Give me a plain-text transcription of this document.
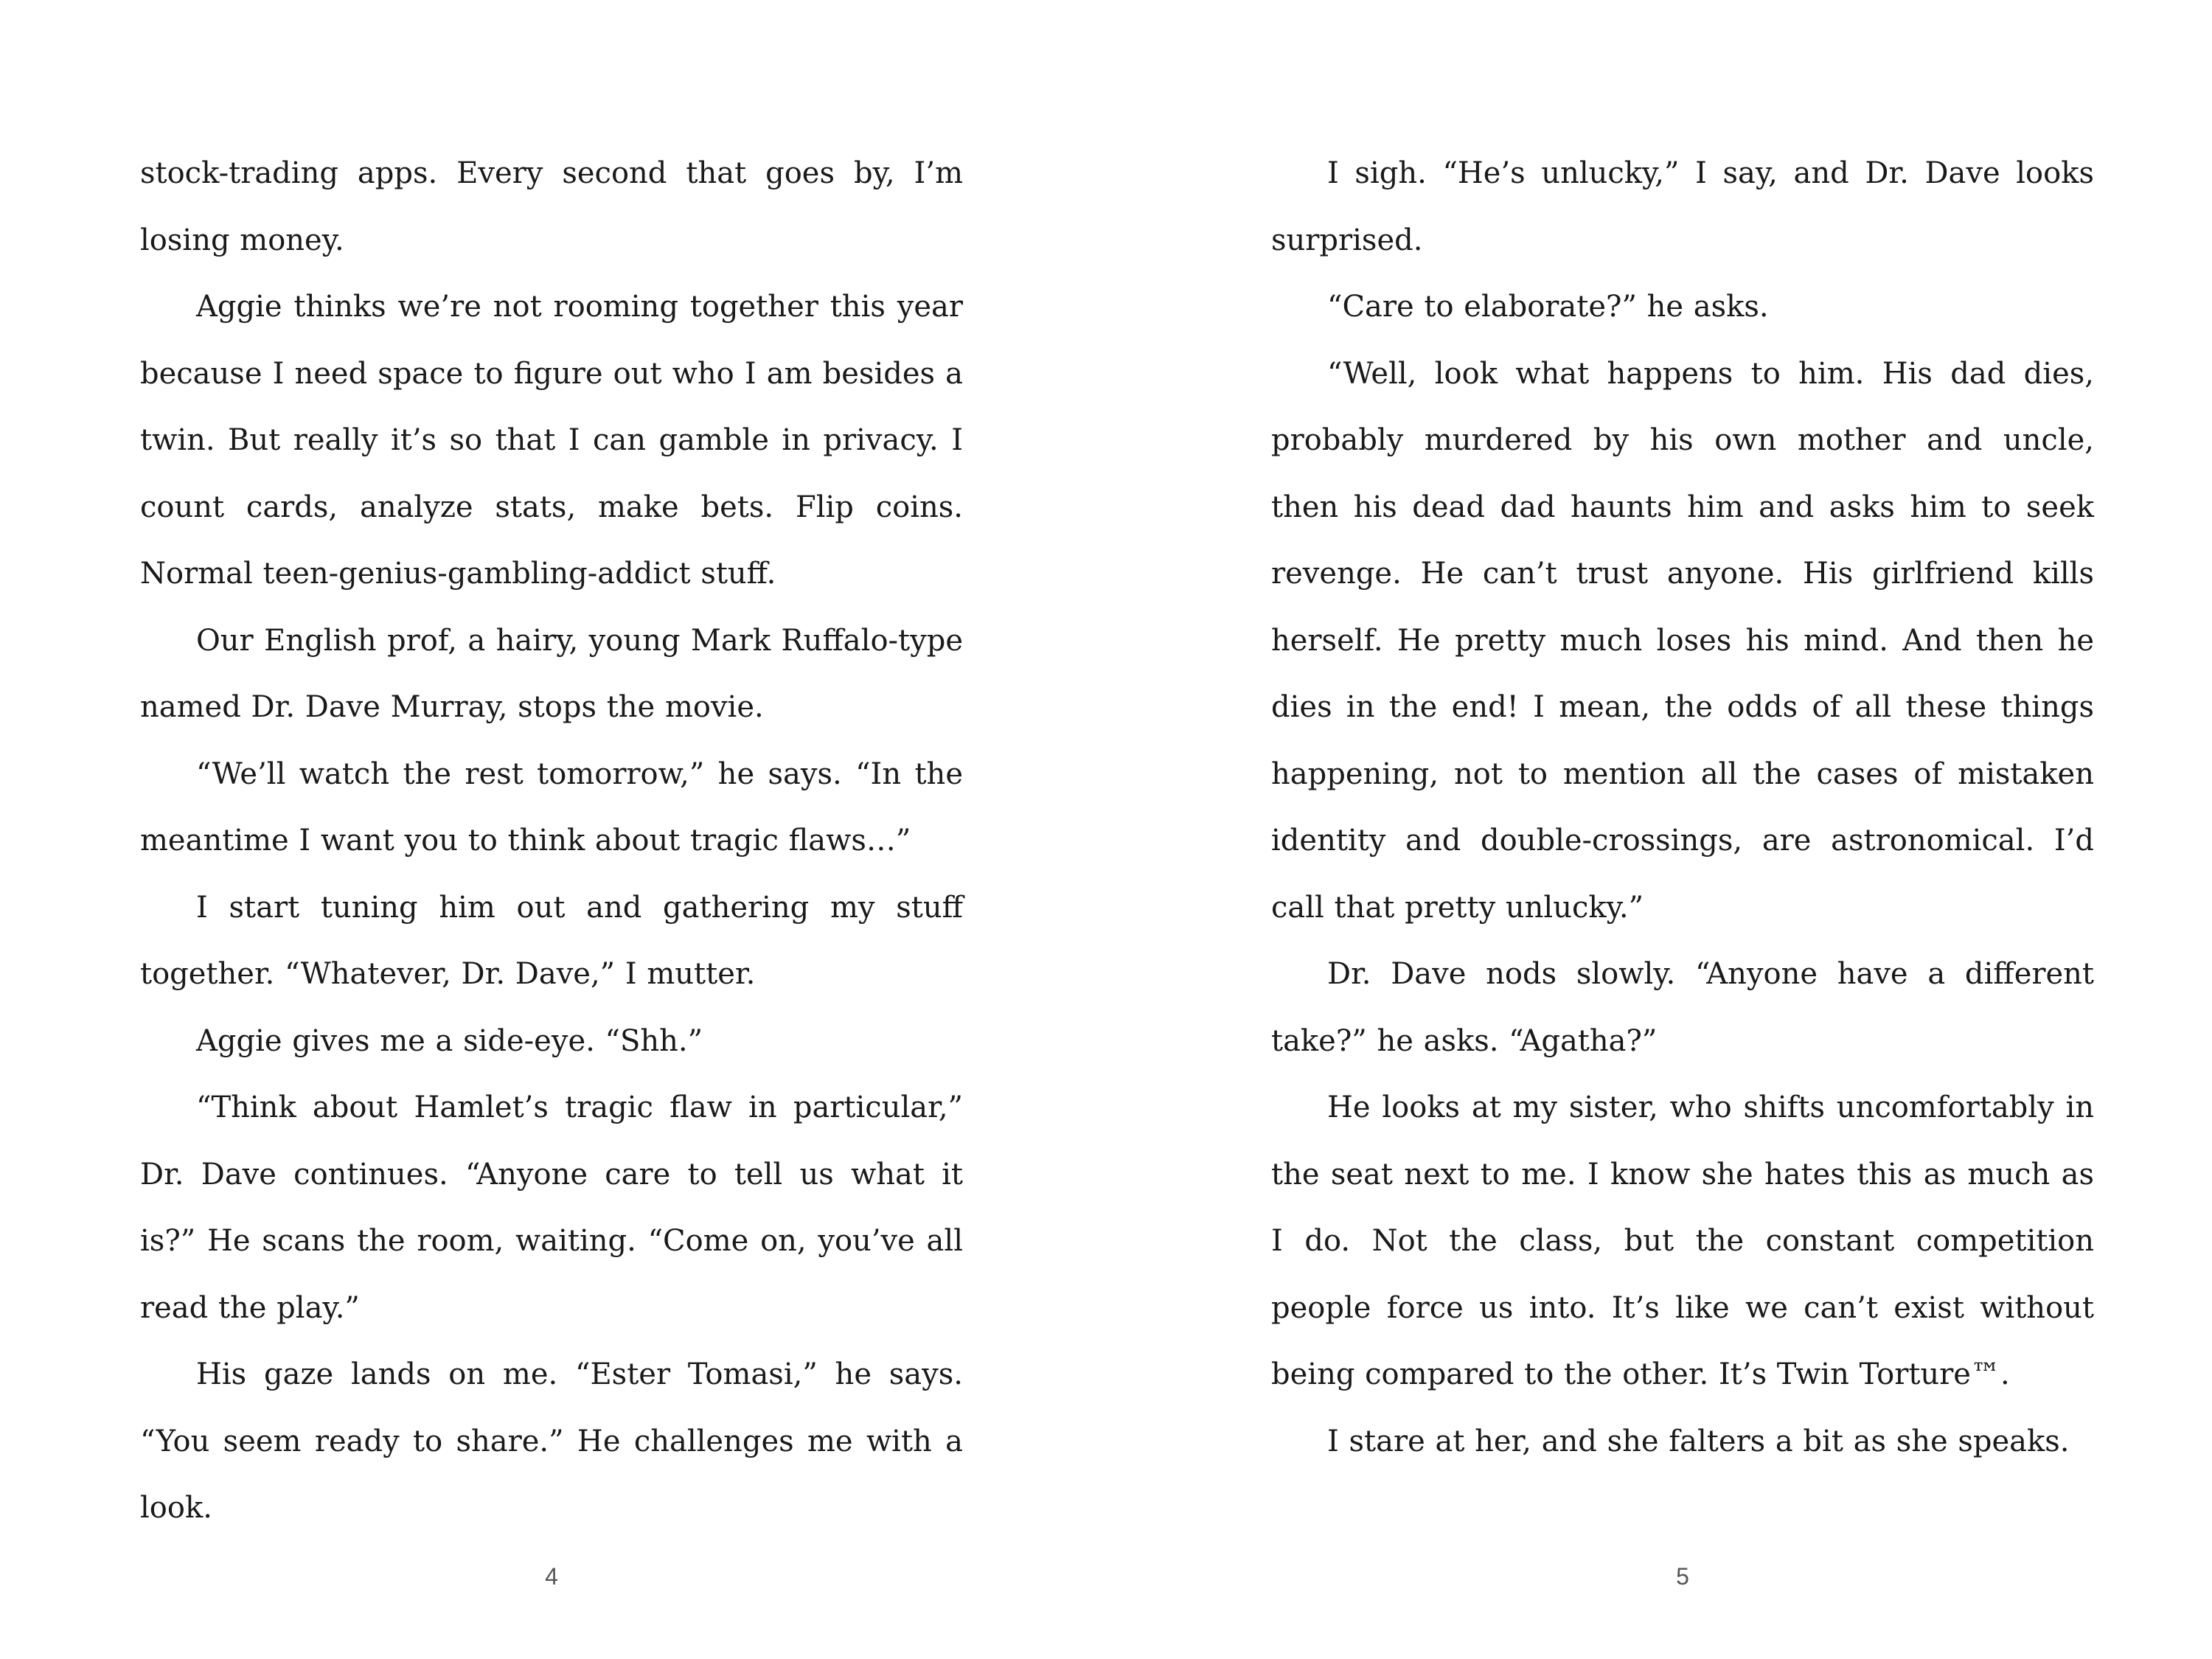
stock-trading apps. Every second that goes by, I’m losing money.

Aggie thinks we’re not rooming together this year because I need space to figure out who I am besides a twin. But really it’s so that I can gamble in privacy. I count cards, analyze stats, make bets. Flip coins. Normal teen-genius-gambling-addict stuff.

Our English prof, a hairy, young Mark Ruffalo-type named Dr. Dave Murray, stops the movie.

“We’ll watch the rest tomorrow,” he says. “In the meantime I want you to think about tragic flaws…”

I start tuning him out and gathering my stuff together. “Whatever, Dr. Dave,” I mutter.

Aggie gives me a side-eye. “Shh.”

“Think about Hamlet’s tragic flaw in particular,” Dr. Dave continues. “Anyone care to tell us what it is?” He scans the room, waiting. “Come on, you’ve all read the play.”

His gaze lands on me. “Ester Tomasi,” he says. “You seem ready to share.” He challenges me with a look.

I sigh. “He’s unlucky,” I say, and Dr. Dave looks surprised.

“Care to elaborate?” he asks.

“Well, look what happens to him. His dad dies, probably murdered by his own mother and uncle, then his dead dad haunts him and asks him to seek revenge. He can’t trust anyone. His girlfriend kills herself. He pretty much loses his mind. And then he dies in the end! I mean, the odds of all these things happening, not to mention all the cases of mistaken identity and double-crossings, are astronomical. I’d call that pretty unlucky.”

Dr. Dave nods slowly. “Anyone have a different take?” he asks. “Agatha?”

He looks at my sister, who shifts uncomfortably in the seat next to me. I know she hates this as much as I do. Not the class, but the constant competition people force us into. It’s like we can’t exist without being compared to the other. It’s Twin Torture™.

I stare at her, and she falters a bit as she speaks.

4	5
